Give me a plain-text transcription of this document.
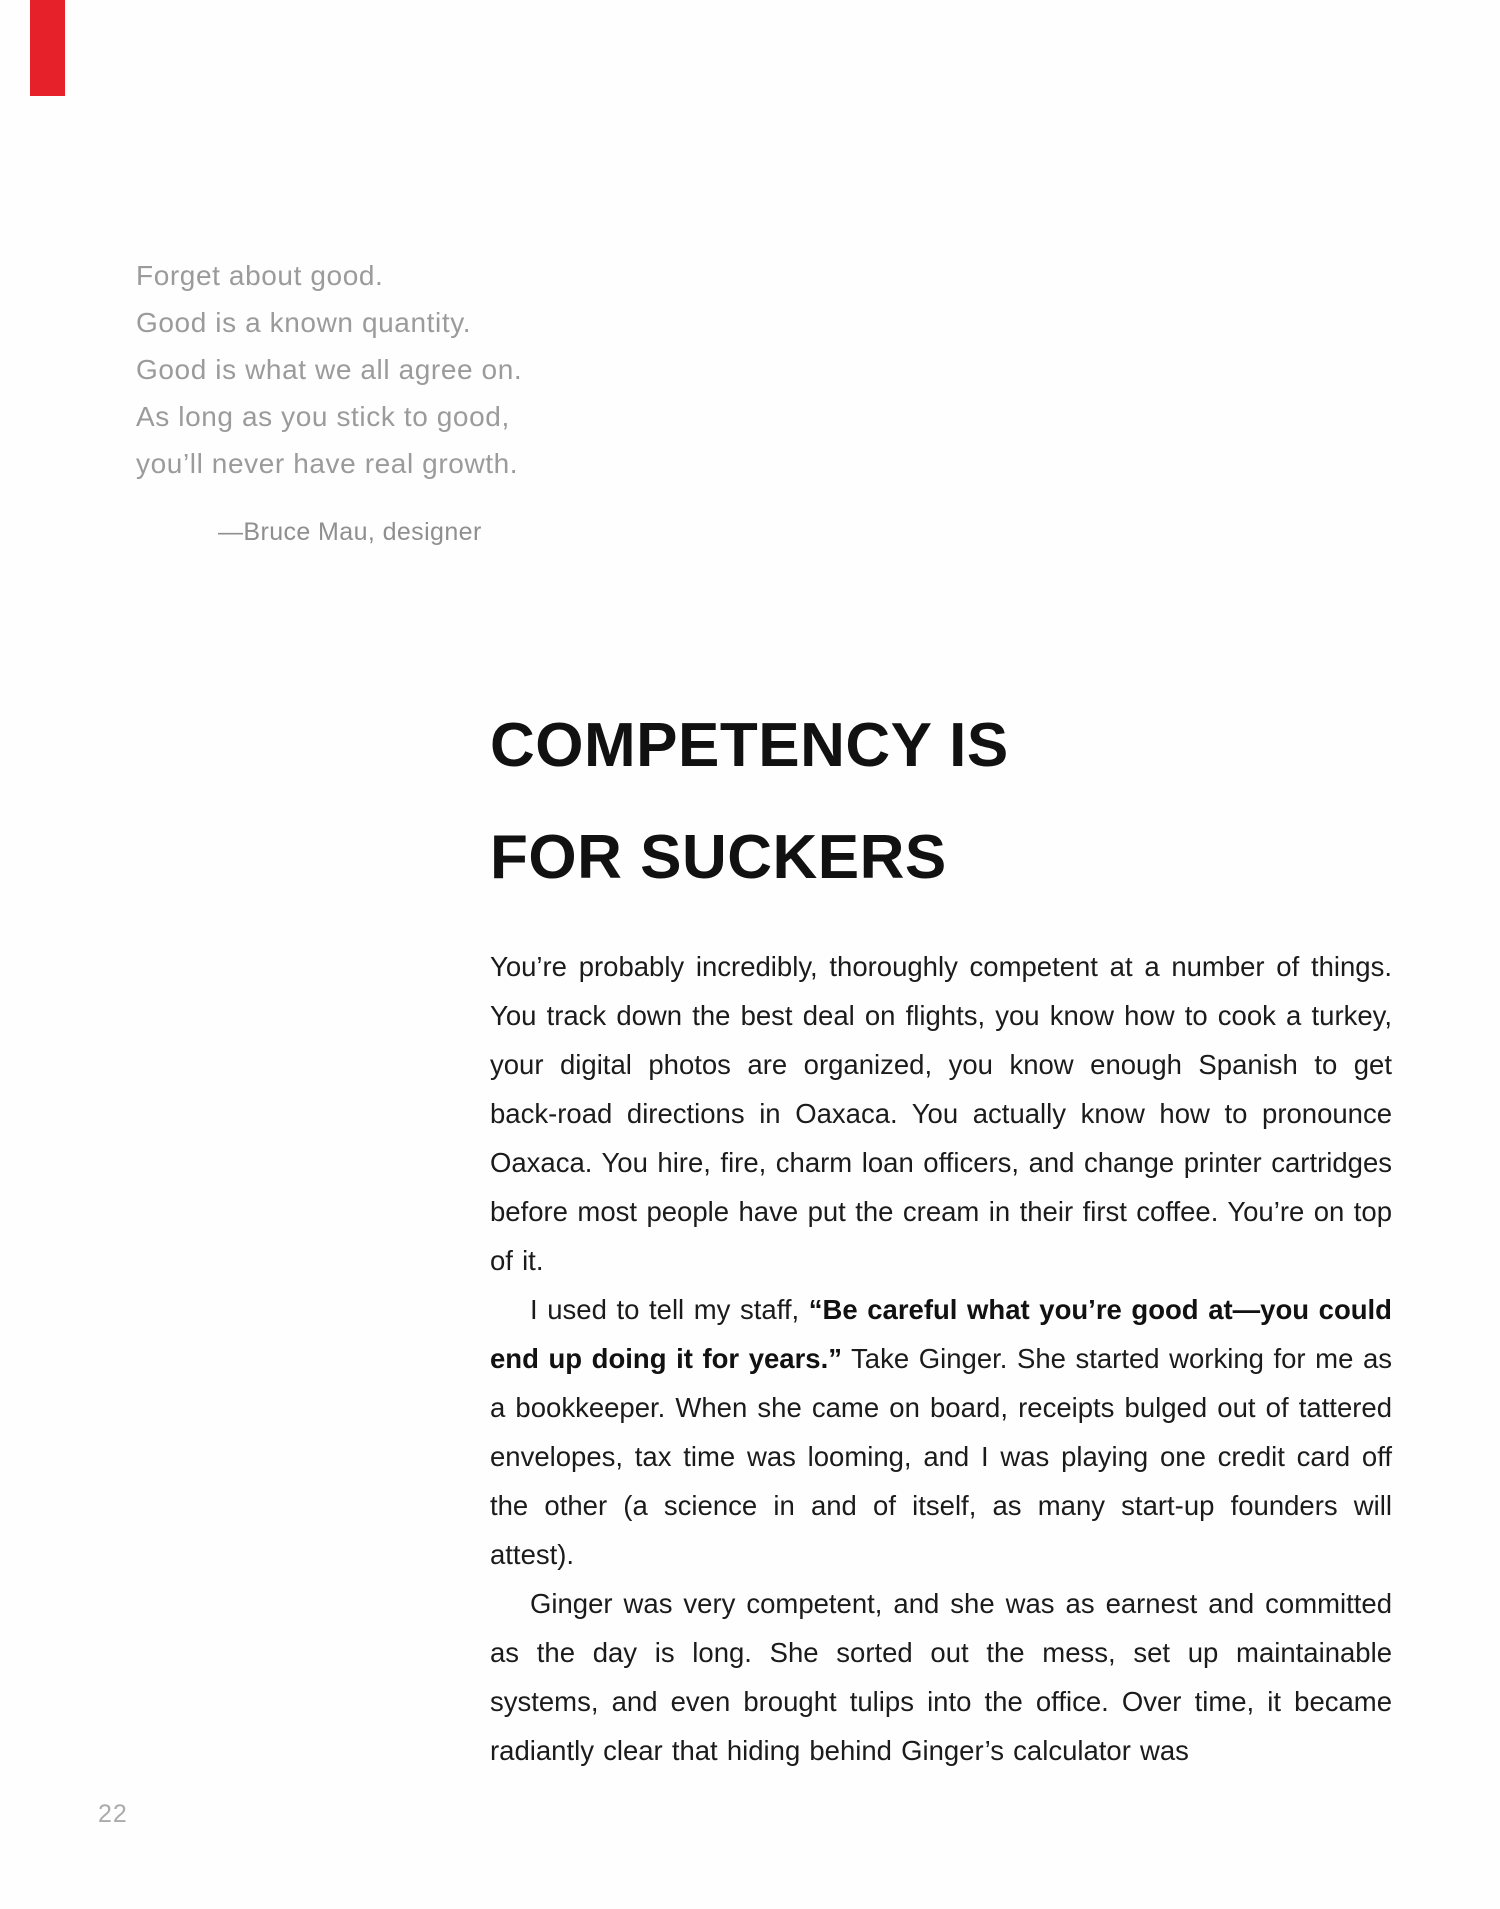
Forget about good.
Good is a known quantity.
Good is what we all agree on.
As long as you stick to good,
you’ll never have real growth.
—Bruce Mau, designer
COMPETENCY IS
FOR SUCKERS

You’re probably incredibly, thoroughly competent at a number of things. You track down the best deal on flights, you know how to cook a turkey, your digital photos are organized, you know enough Spanish to get back-road directions in Oaxaca. You actually know how to pronounce Oaxaca. You hire, fire, charm loan officers, and change printer cartridges before most people have put the cream in their first coffee. You’re on top of it.

I used to tell my staff, “Be careful what you’re good at—you could end up doing it for years.” Take Ginger. She started working for me as a bookkeeper. When she came on board, receipts bulged out of tattered envelopes, tax time was looming, and I was playing one credit card off the other (a science in and of itself, as many start-up founders will attest).

Ginger was very competent, and she was as earnest and committed as the day is long. She sorted out the mess, set up maintainable systems, and even brought tulips into the office. Over time, it became radiantly clear that hiding behind Ginger’s calculator was

22
